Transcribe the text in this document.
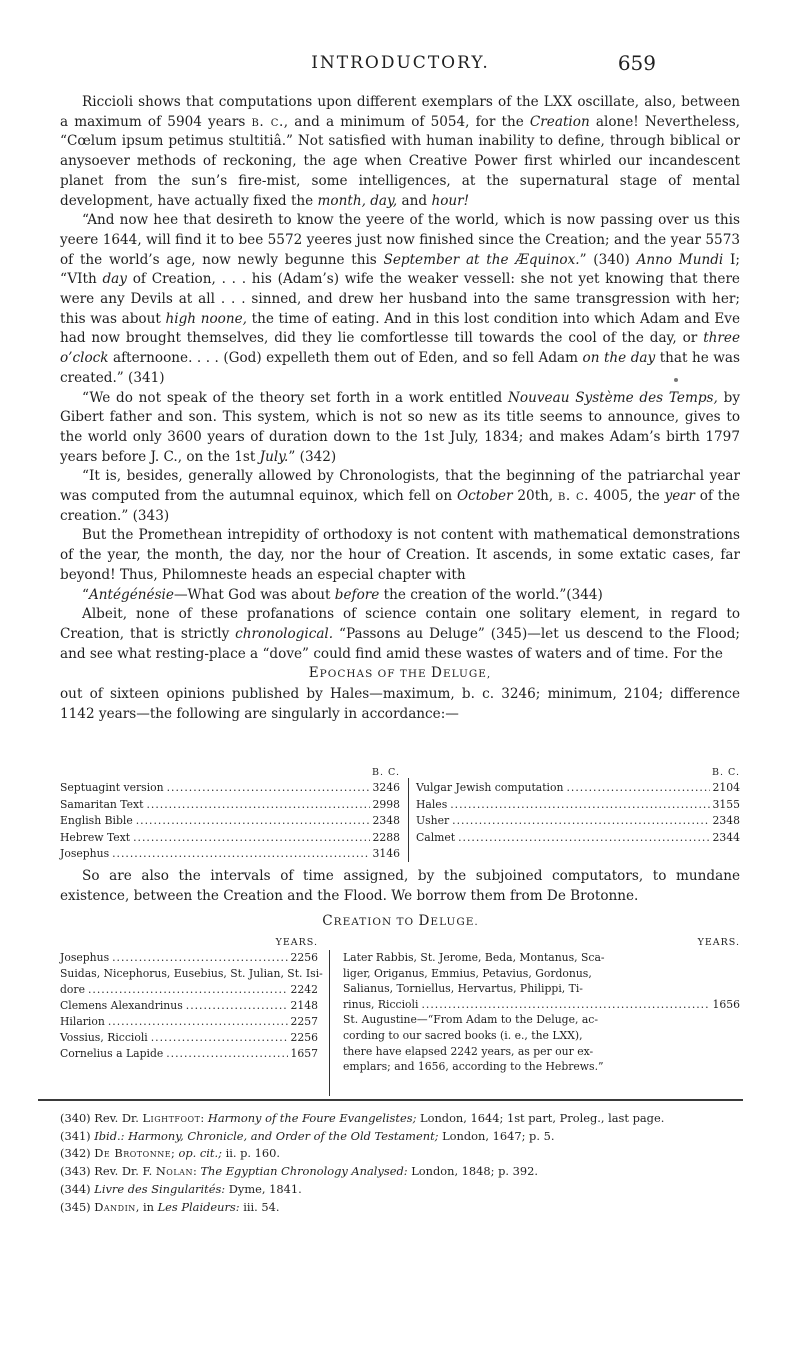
INTRODUCTORY.	659

Riccioli shows that computations upon different exemplars of the LXX oscillate, also, between a maximum of 5904 years b. c., and a minimum of 5054, for the Creation alone! Nevertheless, “Cœlum ipsum petimus stultitiâ.” Not satisfied with human inability to define, through biblical or anysoever methods of reckoning, the age when Creative Power first whirled our incandescent planet from the sun’s fire-mist, some intelligences, at the supernatural stage of mental development, have actually fixed the month, day, and hour!

“And now hee that desireth to know the yeere of the world, which is now passing over us this yeere 1644, will find it to bee 5572 yeeres just now finished since the Creation; and the year 5573 of the world’s age, now newly begunne this September at the Æquinox.” (340) Anno Mundi I; “VIth day of Creation, . . . his (Adam’s) wife the weaker vessell: she not yet knowing that there were any Devils at all . . . sinned, and drew her husband into the same transgression with her; this was about high noone, the time of eating. And in this lost condition into which Adam and Eve had now brought themselves, did they lie comfortlesse till towards the cool of the day, or three o’clock afternoone. . . . (God) expelleth them out of Eden, and so fell Adam on the day that he was created.” (341)

“We do not speak of the theory set forth in a work entitled Nouveau Système des Temps, by Gibert father and son. This system, which is not so new as its title seems to announce, gives to the world only 3600 years of duration down to the 1st July, 1834; and makes Adam’s birth 1797 years before J. C., on the 1st July.” (342)

“It is, besides, generally allowed by Chronologists, that the beginning of the patriarchal year was computed from the autumnal equinox, which fell on October 20th, b. c. 4005, the year of the creation.” (343)

But the Promethean intrepidity of orthodoxy is not content with mathematical demonstrations of the year, the month, the day, nor the hour of Creation. It ascends, in some extatic cases, far beyond! Thus, Philomneste heads an especial chapter with

“Antégénésie—What God was about before the creation of the world.”(344)

Albeit, none of these profanations of science contain one solitary element, in regard to Creation, that is strictly chronological. “Passons au Deluge” (345)—let us descend to the Flood; and see what resting-place a “dove” could find amid these wastes of waters and of time. For the

EPOCHAS OF THE DELUGE,

out of sixteen opinions published by Hales—maximum, b. c. 3246; minimum, 2104; difference 1142 years—the following are singularly in accordance:—

B. C.
Septuagint version .....	3246
Samaritan Text .....	2998
English Bible .....	2348
Hebrew Text .....	2288
Josephus .....	3146
B. C.
Vulgar Jewish computation .....	2104
Hales .....	3155
Usher .....	2348
Calmet .....	2344

So are also the intervals of time assigned, by the subjoined computators, to mundane existence, between the Creation and the Flood. We borrow them from De Brotonne.

CREATION TO DELUGE.
YEARS.
Josephus .....	2256
Suidas, Nicephorus, Eusebius, St. Julian, St. Isi-
dore .....	2242
Clemens Alexandrinus .....	2148
Hilarion .....	2257
Vossius, Riccioli .....	2256
Cornelius a Lapide .....	1657
YEARS.
Later Rabbis, St. Jerome, Beda, Montanus, Sca-
liger, Origanus, Emmius, Petavius, Gordonus,
Salianus, Torniellus, Hervartus, Philippi, Ti-
rinus, Riccioli .....	1656
St. Augustine—“From Adam to the Deluge, ac-
cording to our sacred books (i. e., the LXX),
there have elapsed 2242 years, as per our ex-
emplars; and 1656, according to the Hebrews.”
(340) Rev. Dr. Lightfoot: Harmony of the Foure Evangelistes; London, 1644; 1st part, Proleg., last page.
(341) Ibid.: Harmony, Chronicle, and Order of the Old Testament; London, 1647; p. 5.
(342) De Brotonne; op. cit.; ii. p. 160.
(343) Rev. Dr. F. Nolan: The Egyptian Chronology Analysed: London, 1848; p. 392.
(344) Livre des Singularités: Dyme, 1841.
(345) Dandin, in Les Plaideurs: iii. 54.
